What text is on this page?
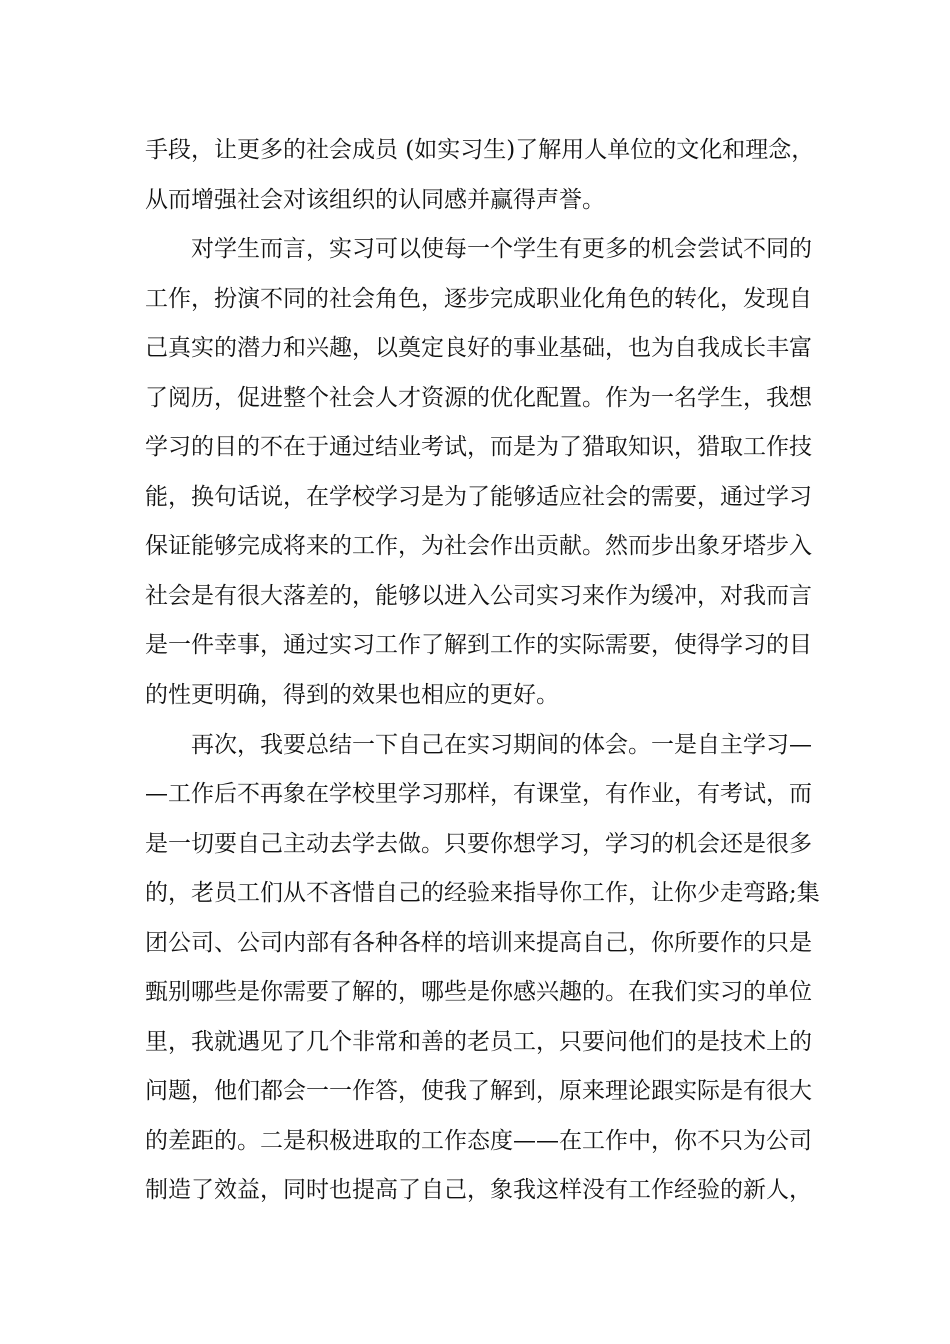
手段，让更多的社会成员 (如实习生)了解用人单位的文化和理念，
从而增强社会对该组织的认同感并赢得声誉。
对学生而言，实习可以使每一个学生有更多的机会尝试不同的
工作，扮演不同的社会角色，逐步完成职业化角色的转化，发现自
己真实的潜力和兴趣，以奠定良好的事业基础，也为自我成长丰富
了阅历，促进整个社会人才资源的优化配置。作为一名学生，我想
学习的目的不在于通过结业考试，而是为了猎取知识，猎取工作技
能，换句话说，在学校学习是为了能够适应社会的需要，通过学习
保证能够完成将来的工作，为社会作出贡献。然而步出象牙塔步入
社会是有很大落差的，能够以进入公司实习来作为缓冲，对我而言
是一件幸事，通过实习工作了解到工作的实际需要，使得学习的目
的性更明确，得到的效果也相应的更好。
再次，我要总结一下自己在实习期间的体会。一是自主学习—
—工作后不再象在学校里学习那样，有课堂，有作业，有考试，而
是一切要自己主动去学去做。只要你想学习，学习的机会还是很多
的，老员工们从不吝惜自己的经验来指导你工作，让你少走弯路;集
团公司、公司内部有各种各样的培训来提高自己，你所要作的只是
甄别哪些是你需要了解的，哪些是你感兴趣的。在我们实习的单位
里，我就遇见了几个非常和善的老员工，只要问他们的是技术上的
问题，他们都会一一作答，使我了解到，原来理论跟实际是有很大
的差距的。二是积极进取的工作态度——在工作中，你不只为公司
制造了效益，同时也提高了自己，象我这样没有工作经验的新人，
